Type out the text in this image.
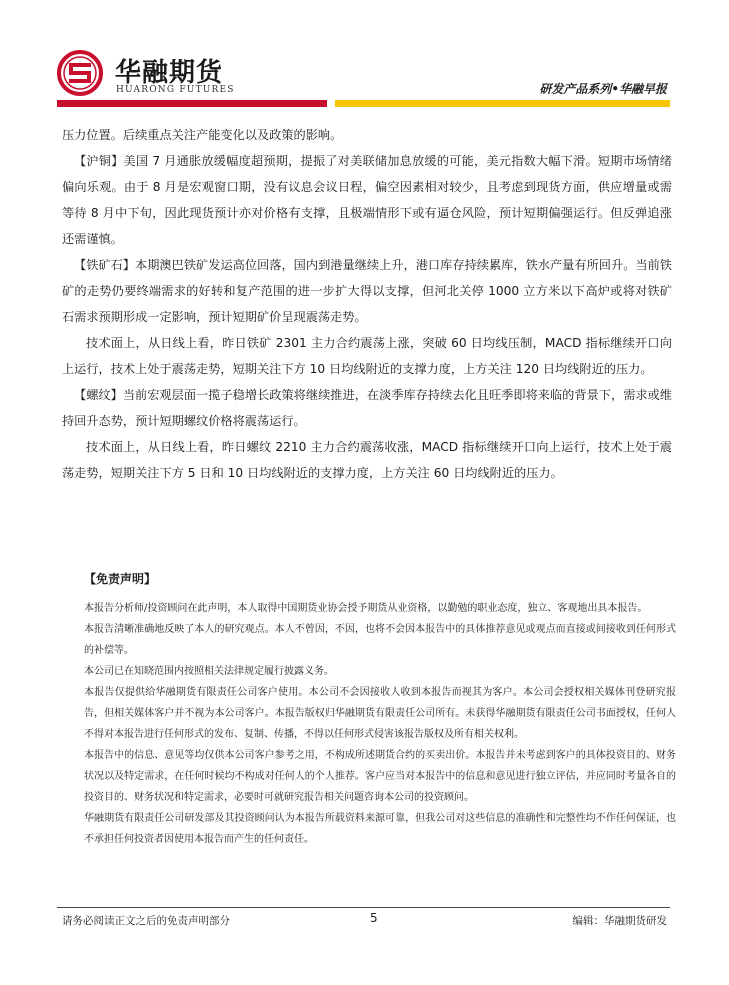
华融期货
HUARONG FUTURES	研发产品系列•华融早报

压力位置。后续重点关注产能变化以及政策的影响。

【沪铜】美国 7 月通胀放缓幅度超预期，提振了对美联储加息放缓的可能，美元指数大幅下滑。短期市场情绪偏向乐观。由于 8 月是宏观窗口期，没有议息会议日程，偏空因素相对较少，且考虑到现货方面，供应增量或需等待 8 月中下旬，因此现货预计亦对价格有支撑，且极端情形下或有逼仓风险，预计短期偏强运行。但反弹追涨还需谨慎。

【铁矿石】本期澳巴铁矿发运高位回落，国内到港量继续上升，港口库存持续累库，铁水产量有所回升。当前铁矿的走势仍要终端需求的好转和复产范围的进一步扩大得以支撑，但河北关停 1000 立方米以下高炉或将对铁矿石需求预期形成一定影响，预计短期矿价呈现震荡走势。

技术面上，从日线上看，昨日铁矿 2301 主力合约震荡上涨，突破 60 日均线压制，MACD 指标继续开口向上运行，技术上处于震荡走势，短期关注下方 10 日均线附近的支撑力度，上方关注 120 日均线附近的压力。

【螺纹】当前宏观层面一揽子稳增长政策将继续推进，在淡季库存持续去化且旺季即将来临的背景下，需求或维持回升态势，预计短期螺纹价格将震荡运行。

技术面上，从日线上看，昨日螺纹 2210 主力合约震荡收涨，MACD 指标继续开口向上运行，技术上处于震荡走势，短期关注下方 5 日和 10 日均线附近的支撑力度，上方关注 60 日均线附近的压力。

【免责声明】

本报告分析师/投资顾问在此声明，本人取得中国期货业协会授予期货从业资格，以勤勉的职业态度，独立、客观地出具本报告。

本报告清晰准确地反映了本人的研究观点。本人不曾因，不因，也将不会因本报告中的具体推荐意见或观点而直接或间接收到任何形式的补偿等。

本公司已在知晓范围内按照相关法律规定履行披露义务。

本报告仅提供给华融期货有限责任公司客户使用。本公司不会因接收人收到本报告而视其为客户。本公司会授权相关媒体刊登研究报告，但相关媒体客户并不视为本公司客户。本报告版权归华融期货有限责任公司所有。未获得华融期货有限责任公司书面授权，任何人不得对本报告进行任何形式的发布、复制、传播，不得以任何形式侵害该报告版权及所有相关权利。

本报告中的信息、意见等均仅供本公司客户参考之用，不构成所述期货合约的买卖出价。本报告并未考虑到客户的具体投资目的、财务状况以及特定需求，在任何时候均不构成对任何人的个人推荐。客户应当对本报告中的信息和意见进行独立评估，并应同时考量各自的投资目的、财务状况和特定需求，必要时可就研究报告相关问题咨询本公司的投资顾问。

华融期货有限责任公司研发部及其投资顾问认为本报告所载资料来源可靠，但我公司对这些信息的准确性和完整性均不作任何保证，也不承担任何投资者因使用本报告而产生的任何责任。

请务必阅读正文之后的免责声明部分	5	编辑：华融期货研发
